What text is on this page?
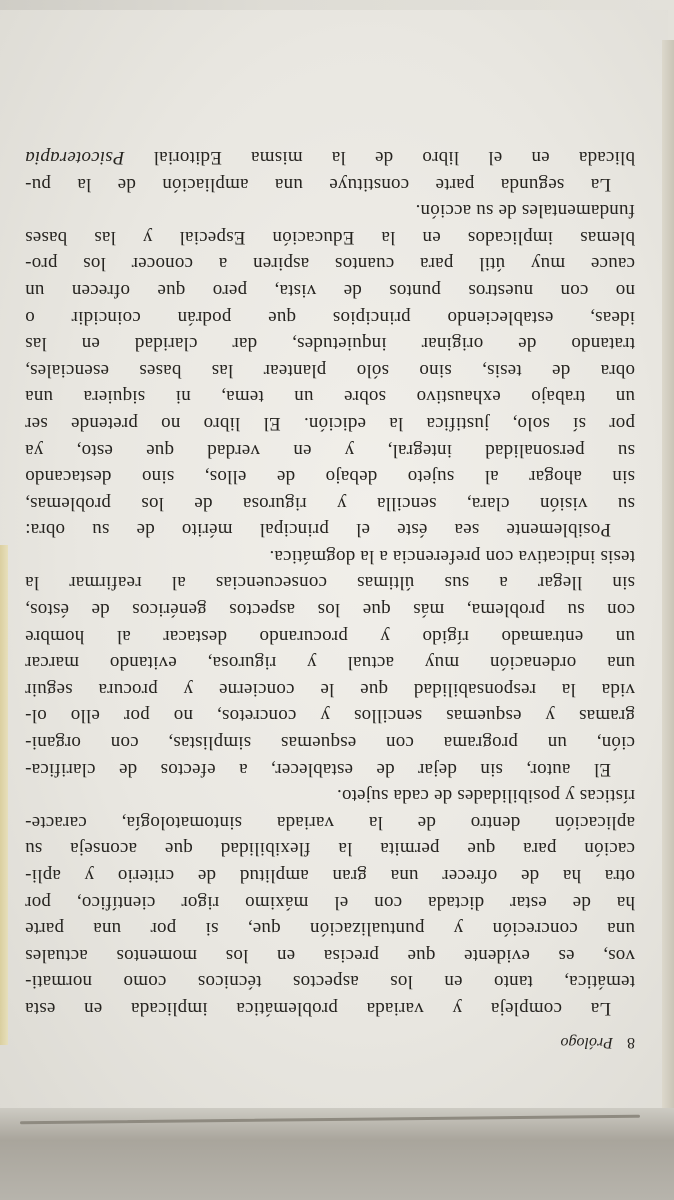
8 Prólogo
La compleja y variada problemática implicada en esta
temática, tanto en los aspectos técnicos como normati-
vos, es evidente que precisa en los momentos actuales
una concreción y puntualización que, si por una parte
ha de estar dictada con el máximo rigor científico, por
otra ha de ofrecer una gran amplitud de criterio y apli-
cación para que permita la flexibilidad que aconseja su
aplicación dentro de la variada sintomatología, caracte-
rísticas y posibilidades de cada sujeto.
El autor, sin dejar de establecer, a efectos de clarifica-
ción, un programa con esquemas simplistas, con organi-
gramas y esquemas sencillos y concretos, no por ello ol-
vida la responsabilidad que le concierne y procura seguir
una ordenación muy actual y rigurosa, evitando marcar
un entramado rígido y procurando destacar al hombre
con su problema, más que los aspectos genéricos de éstos,
sin llegar a sus últimas consecuencias al reafirmar la
tesis indicativa con preferencia a la dogmática.
Posiblemente sea éste el principal mérito de su obra:
su visión clara, sencilla y rigurosa de los problemas,
sin ahogar al sujeto debajo de ellos, sino destacando
su personalidad integral, y en verdad que esto, ya
por sí solo, justifica la edición. El libro no pretende ser
un trabajo exhaustivo sobre un tema, ni siquiera una
obra de tesis, sino sólo plantear las bases esenciales,
tratando de originar inquietudes, dar claridad en las
ideas, estableciendo principios que podrán coincidir o
no con nuestros puntos de vista, pero que ofrecen un
cauce muy útil para cuantos aspiren a conocer los pro-
blemas implicados en la Educación Especial y las bases
fundamentales de su acción.
La segunda parte constituye una ampliación de la pu-
blicada en el libro de la misma Editorial Psicoterapia
